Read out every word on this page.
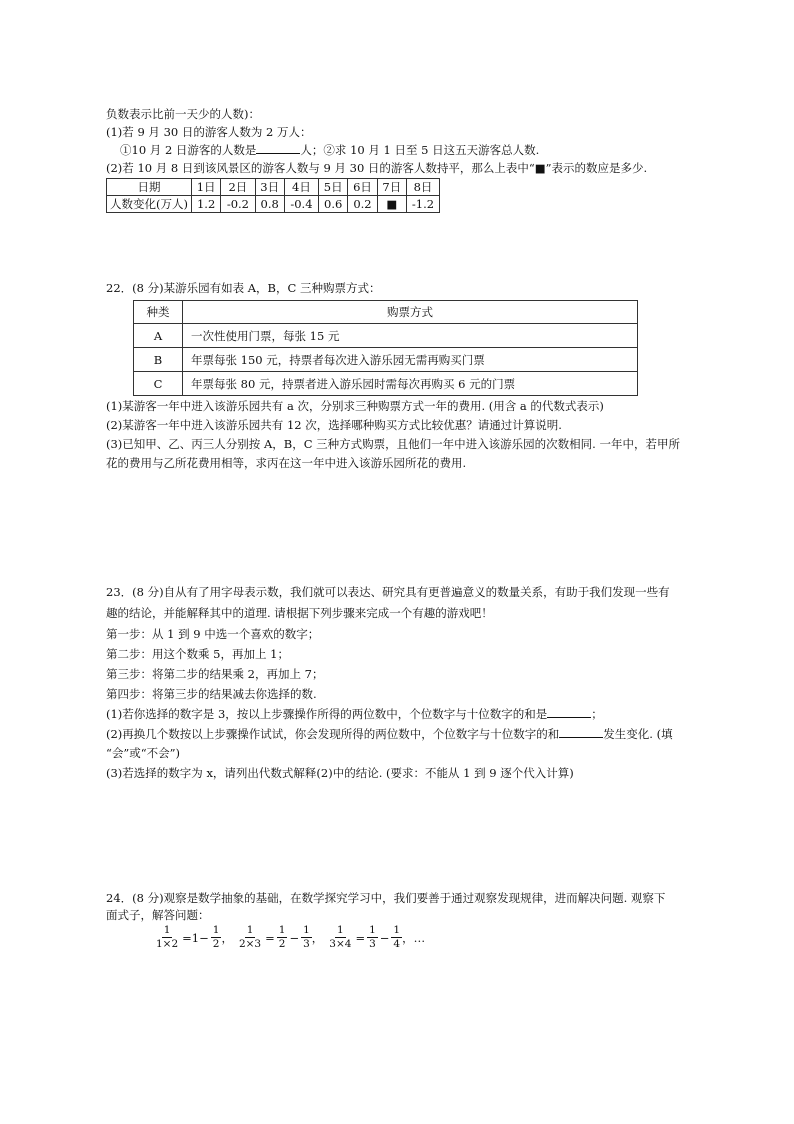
负数表示比前一天少的人数)：
(1)若 9 月 30 日的游客人数为 2 万人：
①10 月 2 日游客的人数是	人；②求 10 月 1 日至 5 日这五天游客总人数.
(2)若 10 月 8 日到该风景区的游客人数与 9 月 30 日的游客人数持平，那么上表中“■”表示的数应是多少.
日期	1日	2日	3日	4日	5日	6日	7日	8日
人数变化(万人)	1.2	-0.2	0.8	-0.4	0.6	0.2	■	-1.2
22．(8 分)某游乐园有如表 A，B，C 三种购票方式：
种类	购票方式
A	一次性使用门票，每张 15 元
B	年票每张 150 元，持票者每次进入游乐园无需再购买门票
C	年票每张 80 元，持票者进入游乐园时需每次再购买 6 元的门票
(1)某游客一年中进入该游乐园共有 a 次，分别求三种购票方式一年的费用. (用含 a 的代数式表示)
(2)某游客一年中进入该游乐园共有 12 次，选择哪种购买方式比较优惠？请通过计算说明.
(3)已知甲、乙、丙三人分别按 A，B，C 三种方式购票，且他们一年中进入该游乐园的次数相同. 一年中，若甲所
花的费用与乙所花费用相等，求丙在这一年中进入该游乐园所花的费用.
23．(8 分)自从有了用字母表示数，我们就可以表达、研究具有更普遍意义的数量关系，有助于我们发现一些有
趣的结论，并能解释其中的道理. 请根据下列步骤来完成一个有趣的游戏吧！
第一步：从 1 到 9 中选一个喜欢的数字；
第二步：用这个数乘 5，再加上 1；
第三步：将第二步的结果乘 2，再加上 7；
第四步：将第三步的结果减去你选择的数.
(1)若你选择的数字是 3，按以上步骤操作所得的两位数中，个位数字与十位数字的和是	；
(2)再换几个数按以上步骤操作试试，你会发现所得的两位数中，个位数字与十位数字的和	发生变化. (填
“会”或“不会”)
(3)若选择的数字为 x，请列出代数式解释(2)中的结论. (要求：不能从 1 到 9 逐个代入计算)
24．(8 分)观察是数学抽象的基础，在数学探究学习中，我们要善于通过观察发现规律，进而解决问题. 观察下
面式子，解答问题：
$\frac{1}{1\times 2} =1- \frac{1}{2}$ ， $\frac{1}{2\times 3} = \frac{1}{2} - \frac{1}{3}$ ， $\frac{1}{3\times 4} = \frac{1}{3} - \frac{1}{4}$ ， …
